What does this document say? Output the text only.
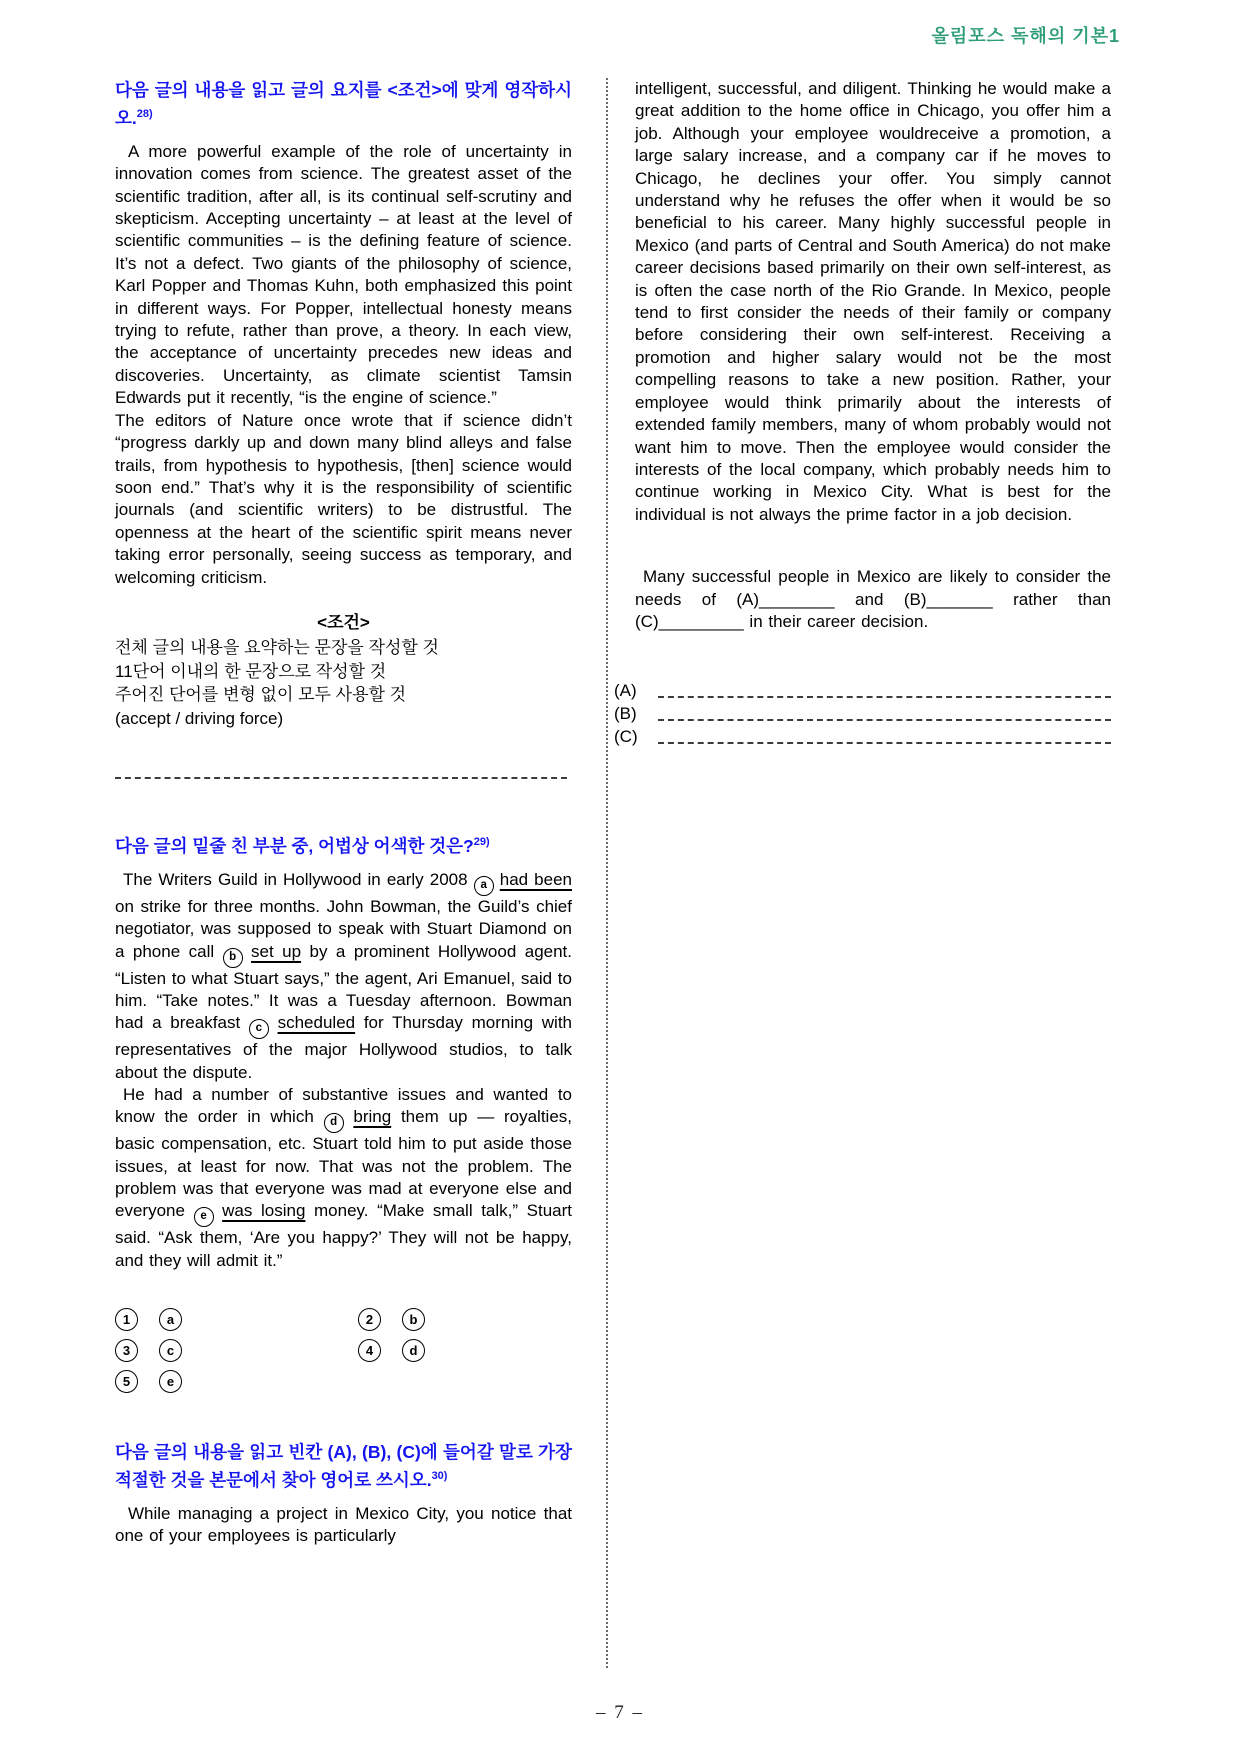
올림포스 독해의 기본1

다음 글의 내용을 읽고 글의 요지를 <조건>에 맞게 영작하시오.$^{28)}$

A more powerful example of the role of uncertainty in innovation comes from science. The greatest asset of the scientific tradition, after all, is its continual self-scrutiny and skepticism. Accepting uncertainty – at least at the level of scientific communities – is the defining feature of science. It’s not a defect. Two giants of the philosophy of science, Karl Popper and Thomas Kuhn, both emphasized this point in different ways. For Popper, intellectual honesty means trying to refute, rather than prove, a theory. In each view, the acceptance of uncertainty precedes new ideas and discoveries. Uncertainty, as climate scientist Tamsin Edwards put it recently, “is the engine of science.”

The editors of Nature once wrote that if science didn’t “progress darkly up and down many blind alleys and false trails, from hypothesis to hypothesis, [then] science would soon end.” That’s why it is the responsibility of scientific journals (and scientific writers) to be distrustful. The openness at the heart of the scientific spirit means never taking error personally, seeing success as temporary, and welcoming criticism.

<조건>

전체 글의 내용을 요약하는 문장을 작성할 것

11단어 이내의 한 문장으로 작성할 것

주어진 단어를 변형 없이 모두 사용할 것

(accept / driving force)

다음 글의 밑줄 친 부분 중, 어법상 어색한 것은?$^{29)}$

The Writers Guild in Hollywood in early 2008 a had been on strike for three months. John Bowman, the Guild’s chief negotiator, was supposed to speak with Stuart Diamond on a phone call b set up by a prominent Hollywood agent. “Listen to what Stuart says,” the agent, Ari Emanuel, said to him. “Take notes.” It was a Tuesday afternoon. Bowman had a breakfast c scheduled for Thursday morning with representatives of the major Hollywood studios, to talk about the dispute.

He had a number of substantive issues and wanted to know the order in which d bring them up — royalties, basic compensation, etc. Stuart told him to put aside those issues, at least for now. That was not the problem. The problem was that everyone was mad at everyone else and everyone e was losing money. “Make small talk,” Stuart said. “Ask them, ‘Are you happy?’ They will not be happy, and they will admit it.”

1	a	2	b
3	c	4	d
5	e

다음 글의 내용을 읽고 빈칸 (A), (B), (C)에 들어갈 말로 가장 적절한 것을 본문에서 찾아 영어로 쓰시오.$^{30)}$

While managing a project in Mexico City, you notice that one of your employees is particularly

intelligent, successful, and diligent. Thinking he would make a great addition to the home office in Chicago, you offer him a job. Although your employee wouldreceive a promotion, a large salary increase, and a company car if he moves to Chicago, he declines your offer. You simply cannot understand why he refuses the offer when it would be so beneficial to his career. Many highly successful people in Mexico (and parts of Central and South America) do not make career decisions based primarily on their own self-interest, as is often the case north of the Rio Grande. In Mexico, people tend to first consider the needs of their family or company before considering their own self-interest. Receiving a promotion and higher salary would not be the most compelling reasons to take a new position. Rather, your employee would think primarily about the interests of extended family members, many of whom probably would not want him to move. Then the employee would consider the interests of the local company, which probably needs him to continue working in Mexico City. What is best for the individual is not always the prime factor in a job decision.

Many successful people in Mexico are likely to consider the needs of (A)________ and (B)_______ rather than (C)_________ in their career decision.

(A)
(B)
(C)
– 7 –
